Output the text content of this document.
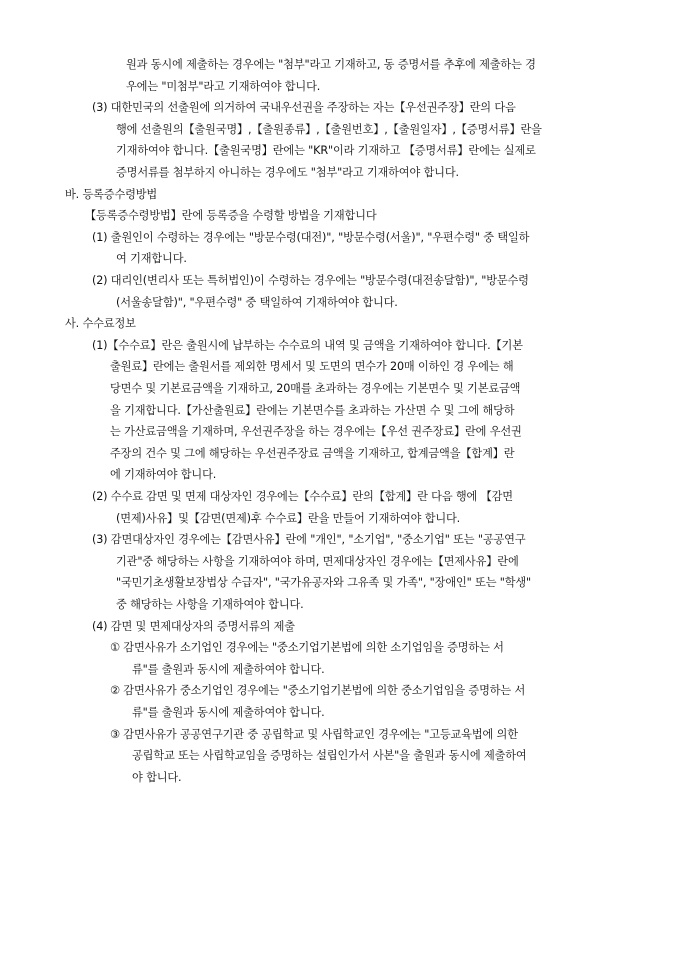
원과 동시에 제출하는 경우에는 "첨부"라고 기재하고, 동 증명서를 추후에 제출하는 경
우에는 "미첨부"라고 기재하여야 합니다.
(3) 대한민국의 선출원에 의거하여 국내우선권을 주장하는 자는【우선권주장】란의 다음
행에 선출원의【출원국명】,【출원종류】,【출원번호】,【출원일자】,【증명서류】란을
기재하여야 합니다.【출원국명】란에는 "KR"이라 기재하고 【증명서류】란에는 실제로
증명서류를 첨부하지 아니하는 경우에도 "첨부"라고 기재하여야 합니다.
바. 등록증수령방법
【등록증수령방법】란에 등록증을 수령할 방법을 기재합니다
(1) 출원인이 수령하는 경우에는 "방문수령(대전)", "방문수령(서울)", "우편수령" 중 택일하
여 기재합니다.
(2) 대리인(변리사 또는 특허법인)이 수령하는 경우에는 "방문수령(대전송달함)", "방문수령
(서울송달함)", "우편수령" 중 택일하여 기재하여야 합니다.
사. 수수료정보
(1)【수수료】란은 출원시에 납부하는 수수료의 내역 및 금액을 기재하여야 합니다.【기본
출원료】란에는 출원서를 제외한 명세서 및 도면의 면수가 20매 이하인 경 우에는 해
당면수 및 기본료금액을 기재하고, 20매를 초과하는 경우에는 기본면수 및 기본료금액
을 기재합니다.【가산출원료】란에는 기본면수를 초과하는 가산면 수 및 그에 해당하
는 가산료금액을 기재하며, 우선권주장을 하는 경우에는【우선 권주장료】란에 우선권
주장의 건수 및 그에 해당하는 우선권주장료 금액을 기재하고, 합계금액을【합계】란
에 기재하여야 합니다.
(2) 수수료 감면 및 면제 대상자인 경우에는【수수료】란의【합계】란 다음 행에 【감면
(면제)사유】및【감면(면제)후 수수료】란을 만들어 기재하여야 합니다.
(3) 감면대상자인 경우에는【감면사유】란에 "개인", "소기업", "중소기업" 또는 "공공연구
기관"중 해당하는 사항을 기재하여야 하며, 면제대상자인 경우에는【면제사유】란에
"국민기초생활보장법상 수급자", "국가유공자와 그유족 및 가족", "장애인" 또는 "학생"
중 해당하는 사항을 기재하여야 합니다.
(4) 감면 및 면제대상자의 증명서류의 제출
① 감면사유가 소기업인 경우에는 "중소기업기본법에 의한 소기업임을 증명하는 서
류"를 출원과 동시에 제출하여야 합니다.
② 감면사유가 중소기업인 경우에는 "중소기업기본법에 의한 중소기업임을 증명하는 서
류"를 출원과 동시에 제출하여야 합니다.
③ 감면사유가 공공연구기관 중 공립학교 및 사립학교인 경우에는 "고등교육법에 의한
공립학교 또는 사립학교임을 증명하는 설립인가서 사본"을 출원과 동시에 제출하여
야 합니다.
